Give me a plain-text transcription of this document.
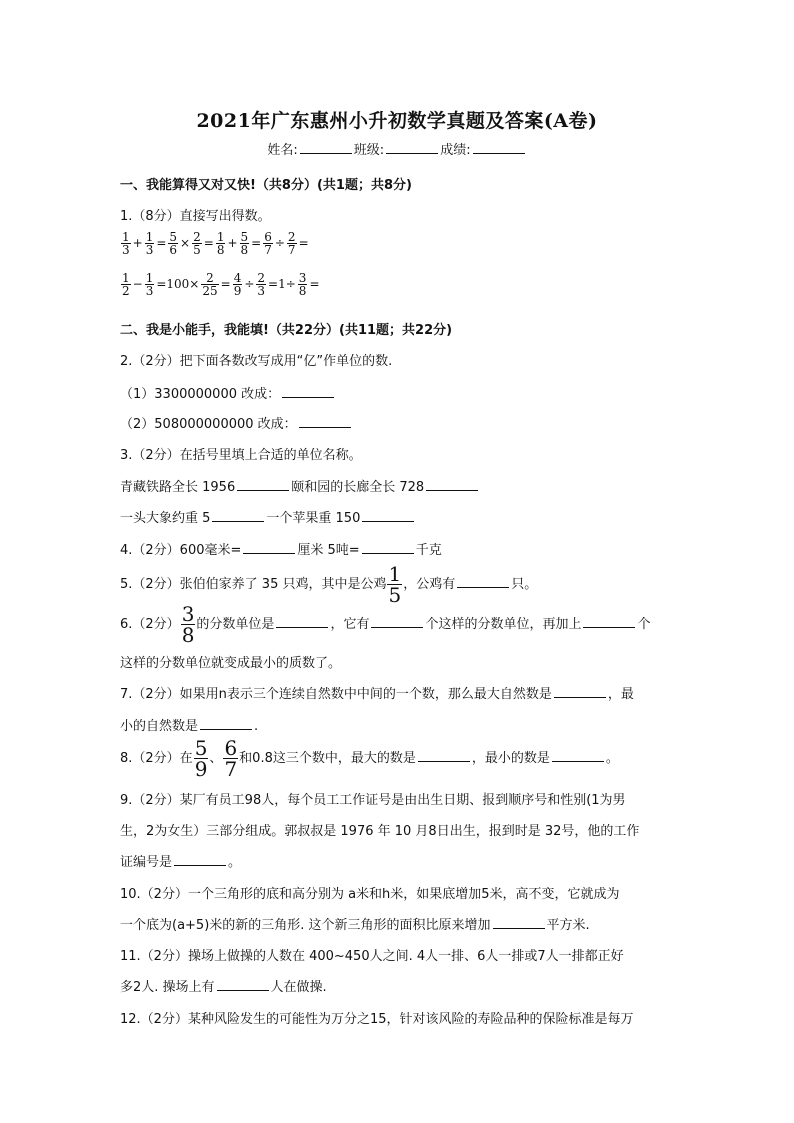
2021年广东惠州小升初数学真题及答案(A卷)
姓名:	班级:	成绩:
一、我能算得又对又快!（共8分）(共1题；共8分)
1.（8分）直接写出得数。
$\frac{1}{3} + \frac{1}{3} = \frac{5}{6} \times \frac{2}{5} = \frac{1}{8} + \frac{5}{8} = \frac{6}{7} \div \frac{2}{7}$ =
$\frac{1}{2} - \frac{1}{3} =100\times \frac{2}{25} = \frac{4}{9} \div \frac{2}{3} =1\div \frac{3}{8}$ =
二、我是小能手，我能填!（共22分）(共11题；共22分)
2.（2分）把下面各数改写成用“亿”作单位的数.
（1）3300000000 改成：
（2）508000000000 改成：
3.（2分）在括号里填上合适的单位名称。
青藏铁路全长 1956	颐和园的长廊全长 728
一头大象约重 5	一个苹果重 150
4.（2分）600毫米=	厘米 5吨=	千克
5.（2分）张伯伯家养了 35 只鸡，其中是公鸡 $\frac{1}{5}$ ，公鸡有	只。
6.（2分） $\frac{3}{8}$ 的分数单位是	，它有	个这样的分数单位，再加上	个
这样的分数单位就变成最小的质数了。
7.（2分）如果用n表示三个连续自然数中中间的一个数，那么最大自然数是	，最
小的自然数是	.
8.（2分）在 $\frac{5}{9}$ 、 $\frac{6}{7}$ 和0.8这三个数中，最大的数是	，最小的数是	。
9.（2分）某厂有员工98人，每个员工工作证号是由出生日期、报到顺序号和性别(1为男
生，2为女生）三部分组成。郭叔叔是 1976 年 10 月8日出生，报到时是 32号，他的工作
证编号是	。
10.（2分）一个三角形的底和高分别为 a米和h米，如果底增加5米，高不变，它就成为
一个底为(a+5)米的新的三角形. 这个新三角形的面积比原来增加	平方米.
11.（2分）操场上做操的人数在 400~450人之间. 4人一排、6人一排或7人一排都正好
多2人. 操场上有	人在做操.
12.（2分）某种风险发生的可能性为万分之15，针对该风险的寿险品种的保险标准是每万
